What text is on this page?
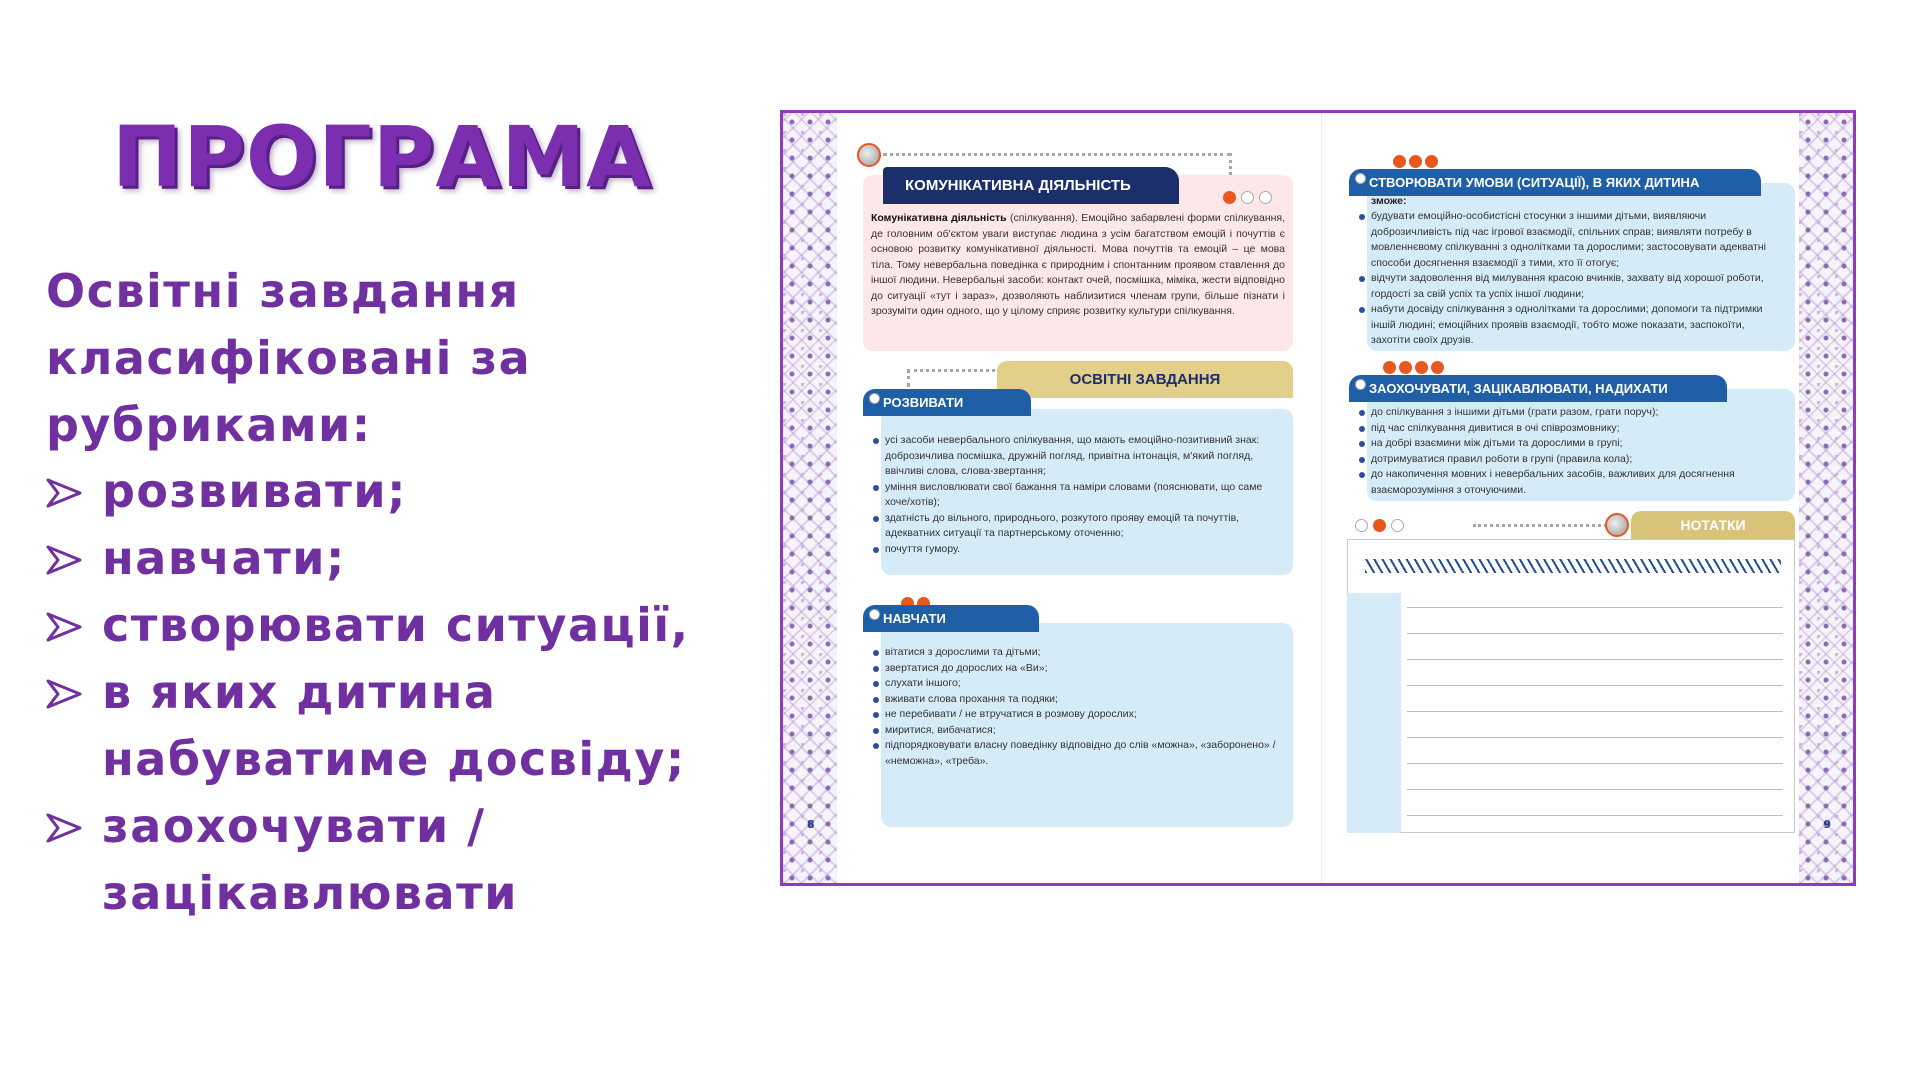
ПРОГРАМА
Освітні завдання
класифіковані за
рубриками:
розвивати;
навчати;
створювати ситуації,
в яких дитина
набуватиме досвіду;
заохочувати /
зацікавлювати
8	9
КОМУНІКАТИВНА ДІЯЛЬНІСТЬ
Комунікативна діяльність (спілкування). Емоційно забарвлені форми спілкування, де головним об'єктом уваги виступає людина з усім багатством емоцій і почуттів є основою розвитку комунікативної діяльності. Мова почуттів та емоцій – це мова тіла. Тому невербальна поведінка є природним і спонтанним проявом ставлення до іншої людини. Невербальні засоби: контакт очей, посмішка, міміка, жести відповідно до ситуації «тут і зараз», дозволяють наблизитися членам групи, більше пізнати і зрозуміти один одного, що у цілому сприяє розвитку культури спілкування.
ОСВІТНІ ЗАВДАННЯ
РОЗВИВАТИ
усі засоби невербального спілкування, що мають емоційно-позитивний знак: доброзичлива посмішка, дружній погляд, привітна інтонація, м'який погляд, ввічливі слова, слова-звертання;
уміння висловлювати свої бажання та наміри словами (пояснювати, що саме хоче/хотів);
здатність до вільного, природнього, розкутого прояву емоцій та почуттів, адекватних ситуації та партнерському оточенню;
почуття гумору.
НАВЧАТИ
вітатися з дорослими та дітьми;
звертатися до дорослих на «Ви»;
слухати іншого;
вживати слова прохання та подяки;
не перебивати / не втручатися в розмову дорослих;
миритися, вибачатися;
підпорядковувати власну поведінку відповідно до слів «можна», «заборонено» / «неможна», «треба».
СТВОРЮВАТИ УМОВИ (СИТУАЦІЇ), В ЯКИХ ДИТИНА
зможе:
будувати емоційно-особистісні стосунки з іншими дітьми, виявляючи доброзичливість під час ігрової взаємодії, спільних справ; виявляти потребу в мовленнєвому спілкуванні з однолітками та дорослими; застосовувати адекватні способи досягнення взаємодії з тими, хто її отогує;
відчути задоволення від милування красою вчинків, захвату від хорошої роботи, гордості за свій успіх та успіх іншої людини;
набути досвіду спілкування з однолітками та дорослими; допомоги та підтримки іншій людині; емоційних проявів взаємодії, тобто може показати, заспокоїти, захотіти своїх друзів.
ЗАОХОЧУВАТИ, ЗАЦІКАВЛЮВАТИ, НАДИХАТИ
до спілкування з іншими дітьми (грати разом, грати поруч);
під час спілкування дивитися в очі співрозмовнику;
на добрі взаємини між дітьми та дорослими в групі;
дотримуватися правил роботи в групі (правила кола);
до накопичення мовних і невербальних засобів, важливих для досягнення взаєморозуміння з оточуючими.
НОТАТКИ
